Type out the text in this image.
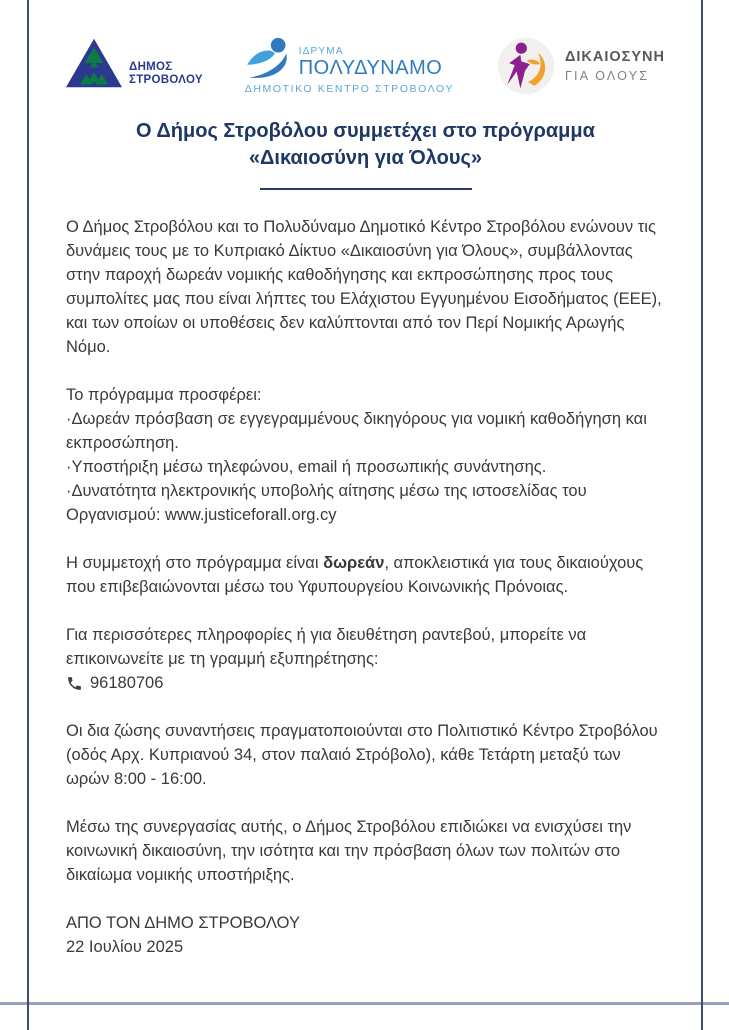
ΔΗΜΟΣ
ΣΤΡΟΒΟΛΟΥ
ΙΔΡΥΜΑ
ΠΟΛΥΔΥΝΑΜΟ
ΔΗΜΟΤΙΚΟ ΚΕΝΤΡΟ ΣΤΡΟΒΟΛΟΥ
ΔΙΚΑΙΟΣΥΝΗ
ΓΙΑ ΟΛΟΥΣ
Ο Δήμος Στροβόλου συμμετέχει στο πρόγραμμα
«Δικαιοσύνη για Όλους»

Ο Δήμος Στροβόλου και το Πολυδύναμο Δημοτικό Κέντρο Στροβόλου ενώνουν τις δυνάμεις τους με το Κυπριακό Δίκτυο «Δικαιοσύνη για Όλους», συμβάλλοντας στην παροχή δωρεάν νομικής καθοδήγησης και εκπροσώπησης προς τους συμπολίτες μας που είναι λήπτες του Ελάχιστου Εγγυημένου Εισοδήματος (ΕΕΕ), και των οποίων οι υποθέσεις δεν καλύπτονται από τον Περί Νομικής Αρωγής Νόμο.

Το πρόγραμμα προσφέρει:
·Δωρεάν πρόσβαση σε εγγεγραμμένους δικηγόρους για νομική καθοδήγηση και εκπροσώπηση.
·Υποστήριξη μέσω τηλεφώνου, email ή προσωπικής συνάντησης.
·Δυνατότητα ηλεκτρονικής υποβολής αίτησης μέσω της ιστοσελίδας του Οργανισμού: www.justiceforall.org.cy

Η συμμετοχή στο πρόγραμμα είναι δωρεάν, αποκλειστικά για τους δικαιούχους που επιβεβαιώνονται μέσω του Υφυπουργείου Κοινωνικής Πρόνοιας.

Για περισσότερες πληροφορίες ή για διευθέτηση ραντεβού, μπορείτε να επικοινωνείτε με τη γραμμή εξυπηρέτησης:
96180706

Οι δια ζώσης συναντήσεις πραγματοποιούνται στο Πολιτιστικό Κέντρο Στροβόλου (οδός Αρχ. Κυπριανού 34, στον παλαιό Στρόβολο), κάθε Τετάρτη μεταξύ των ωρών 8:00 - 16:00.

Μέσω της συνεργασίας αυτής, ο Δήμος Στροβόλου επιδιώκει να ενισχύσει την κοινωνική δικαιοσύνη, την ισότητα και την πρόσβαση όλων των πολιτών στο δικαίωμα νομικής υποστήριξης.

ΑΠΟ ΤΟΝ ΔΗΜΟ ΣΤΡΟΒΟΛΟΥ
22 Ιουλίου 2025
